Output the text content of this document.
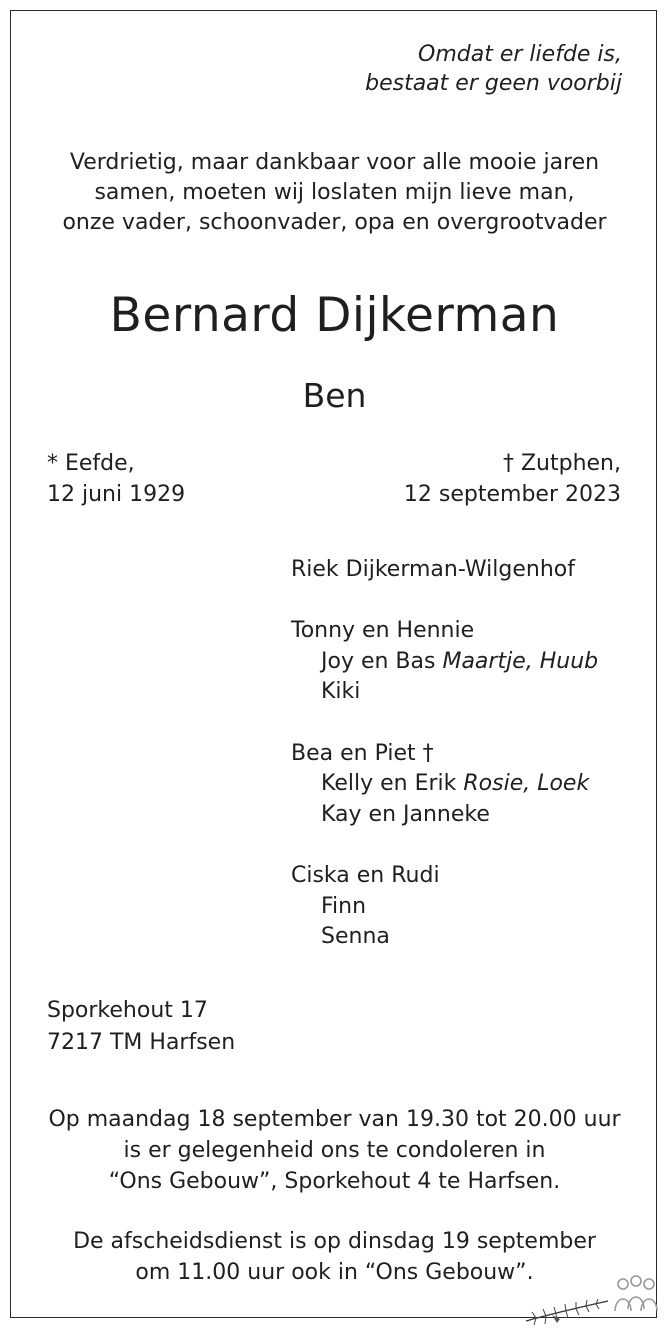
Omdat er liefde is,
bestaat er geen voorbij
Verdrietig, maar dankbaar voor alle mooie jaren
samen, moeten wij loslaten mijn lieve man,
onze vader, schoonvader, opa en overgrootvader
Bernard Dijkerman
Ben
* Eefde,
12 juni 1929
† Zutphen,
12 september 2023
Riek Dijkerman-Wilgenhof
Tonny en Hennie
Joy en Bas Maartje, Huub
Kiki
Bea en Piet †
Kelly en Erik Rosie, Loek
Kay en Janneke
Ciska en Rudi
Finn
Senna
Sporkehout 17
7217 TM Harfsen
Op maandag 18 september van 19.30 tot 20.00 uur
is er gelegenheid ons te condoleren in
“Ons Gebouw”, Sporkehout 4 te Harfsen.
De afscheidsdienst is op dinsdag 19 september
om 11.00 uur ook in “Ons Gebouw”.
